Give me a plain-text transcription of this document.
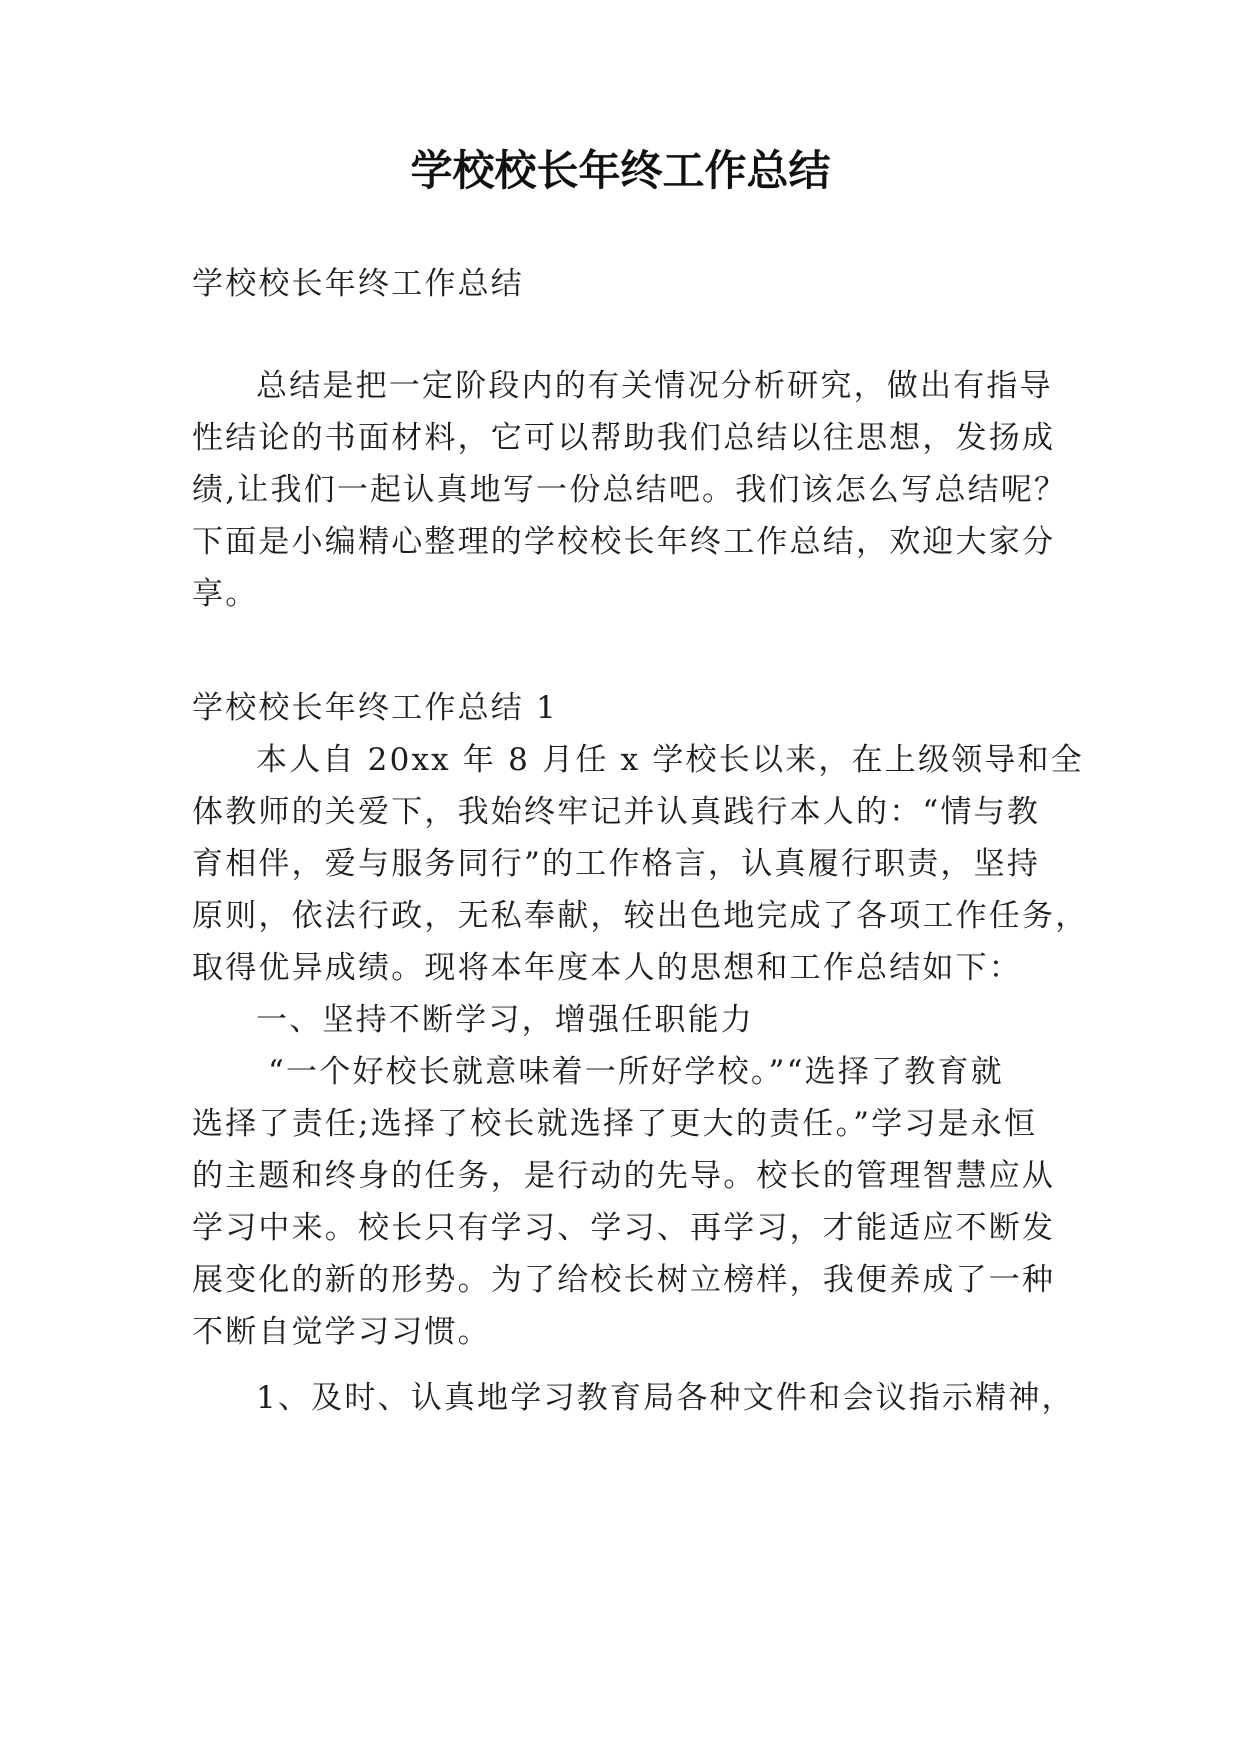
学校校长年终工作总结
学校校长年终工作总结
总结是把一定阶段内的有关情况分析研究，做出有指导
性结论的书面材料，它可以帮助我们总结以往思想，发扬成
绩,让我们一起认真地写一份总结吧。我们该怎么写总结呢？
下面是小编精心整理的学校校长年终工作总结，欢迎大家分
享。
学校校长年终工作总结 1
本人自 20xx 年 8 月任 x 学校长以来，在上级领导和全
体教师的关爱下，我始终牢记并认真践行本人的：“情与教
育相伴，爱与服务同行”的工作格言，认真履行职责，坚持
原则，依法行政，无私奉献，较出色地完成了各项工作任务，
取得优异成绩。现将本年度本人的思想和工作总结如下：
一、坚持不断学习，增强任职能力
“一个好校长就意味着一所好学校。”“选择了教育就
选择了责任;选择了校长就选择了更大的责任。”学习是永恒
的主题和终身的任务，是行动的先导。校长的管理智慧应从
学习中来。校长只有学习、学习、再学习，才能适应不断发
展变化的新的形势。为了给校长树立榜样，我便养成了一种
不断自觉学习习惯。
1、及时、认真地学习教育局各种文件和会议指示精神，
